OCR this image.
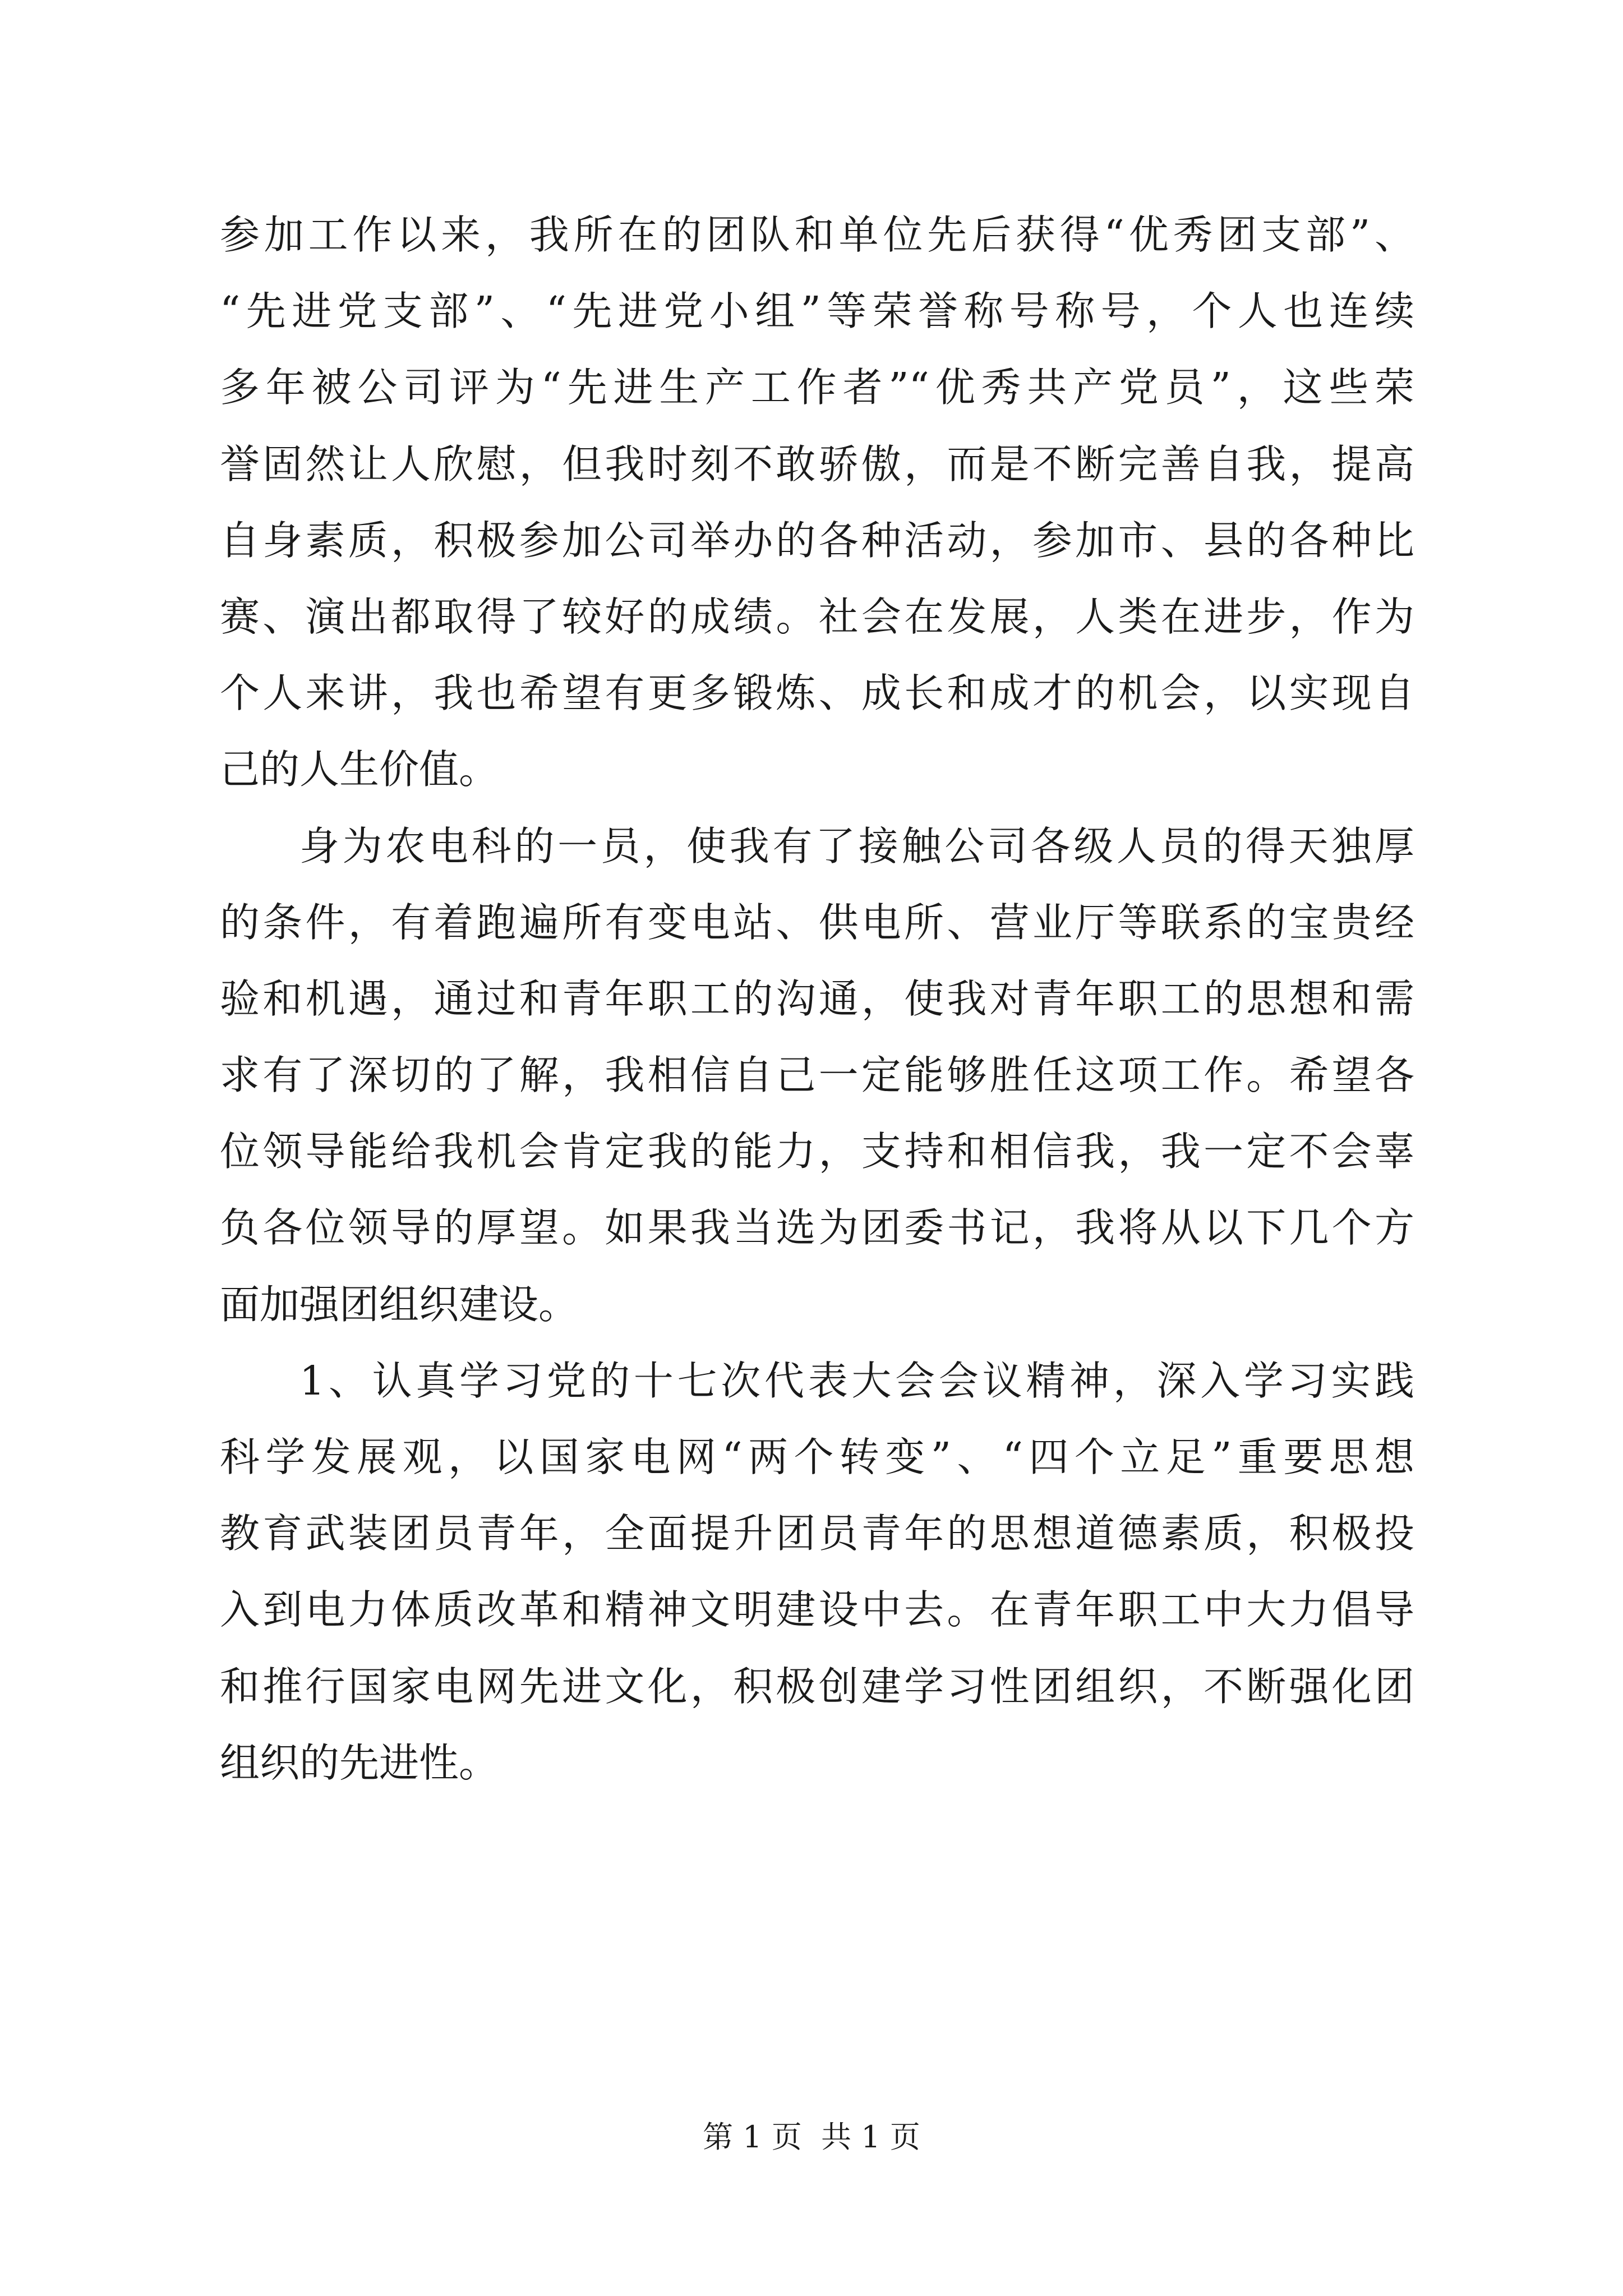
参加工作以来，我所在的团队和单位先后获得“优秀团支部”、
“先进党支部”、“先进党小组”等荣誉称号称号，个人也连续
多年被公司评为“先进生产工作者”“优秀共产党员”，这些荣
誉固然让人欣慰，但我时刻不敢骄傲，而是不断完善自我，提高
自身素质，积极参加公司举办的各种活动，参加市、县的各种比
赛、演出都取得了较好的成绩。社会在发展，人类在进步，作为
个人来讲，我也希望有更多锻炼、成长和成才的机会，以实现自
己的人生价值。
身为农电科的一员，使我有了接触公司各级人员的得天独厚
的条件，有着跑遍所有变电站、供电所、营业厅等联系的宝贵经
验和机遇，通过和青年职工的沟通，使我对青年职工的思想和需
求有了深切的了解，我相信自己一定能够胜任这项工作。希望各
位领导能给我机会肯定我的能力，支持和相信我，我一定不会辜
负各位领导的厚望。如果我当选为团委书记，我将从以下几个方
面加强团组织建设。
1、认真学习党的十七次代表大会会议精神，深入学习实践
科学发展观，以国家电网“两个转变”、“四个立足”重要思想
教育武装团员青年，全面提升团员青年的思想道德素质，积极投
入到电力体质改革和精神文明建设中去。在青年职工中大力倡导
和推行国家电网先进文化，积极创建学习性团组织，不断强化团
组织的先进性。
第 1 页  共 1 页
